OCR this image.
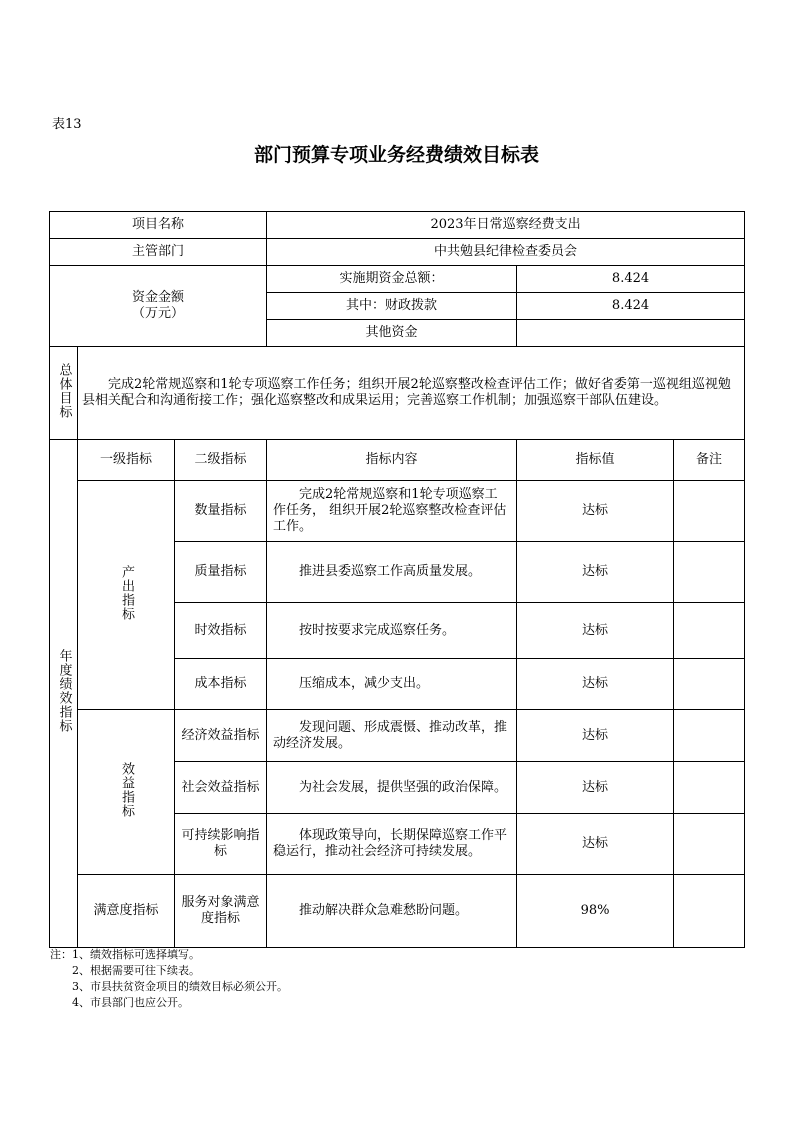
表13
部门预算专项业务经费绩效目标表
项目名称			2023年日常巡察经费支出		
主管部门			中共勉县纪律检查委员会		

资金金额
（万元）			实施期资金总额：	8.424	
			其中：财政拨款	8.424	
			其他资金		
总体目标	完成2轮常规巡察和1轮专项巡察工作任务；组织开展2轮巡察整改检查评估工作；做好省委第一巡视组巡视勉县相关配合和沟通衔接工作；强化巡察整改和成果运用；完善巡察工作机制；加强巡察干部队伍建设。				
年度绩效指标	一级指标	二级指标	指标内容	指标值	备注
	产出指标	数量指标	完成2轮常规巡察和1轮专项巡察工作任务， 组织开展2轮巡察整改检查评估工作。	达标	
		质量指标	推进县委巡察工作高质量发展。	达标	
		时效指标	按时按要求完成巡察任务。	达标	
		成本指标	压缩成本，减少支出。	达标	
	效益指标	经济效益指标	发现问题、形成震慑、推动改革，推动经济发展。	达标	
		社会效益指标	为社会发展，提供坚强的政治保障。	达标	
		可持续影响指标	体现政策导向，长期保障巡察工作平稳运行，推动社会经济可持续发展。	达标	
	满意度指标	服务对象满意度指标	推动解决群众急难愁盼问题。	98%	
注：1、绩效指标可选择填写。
　　2、根据需要可往下续表。
　　3、市县扶贫资金项目的绩效目标必须公开。
　　4、市县部门也应公开。
